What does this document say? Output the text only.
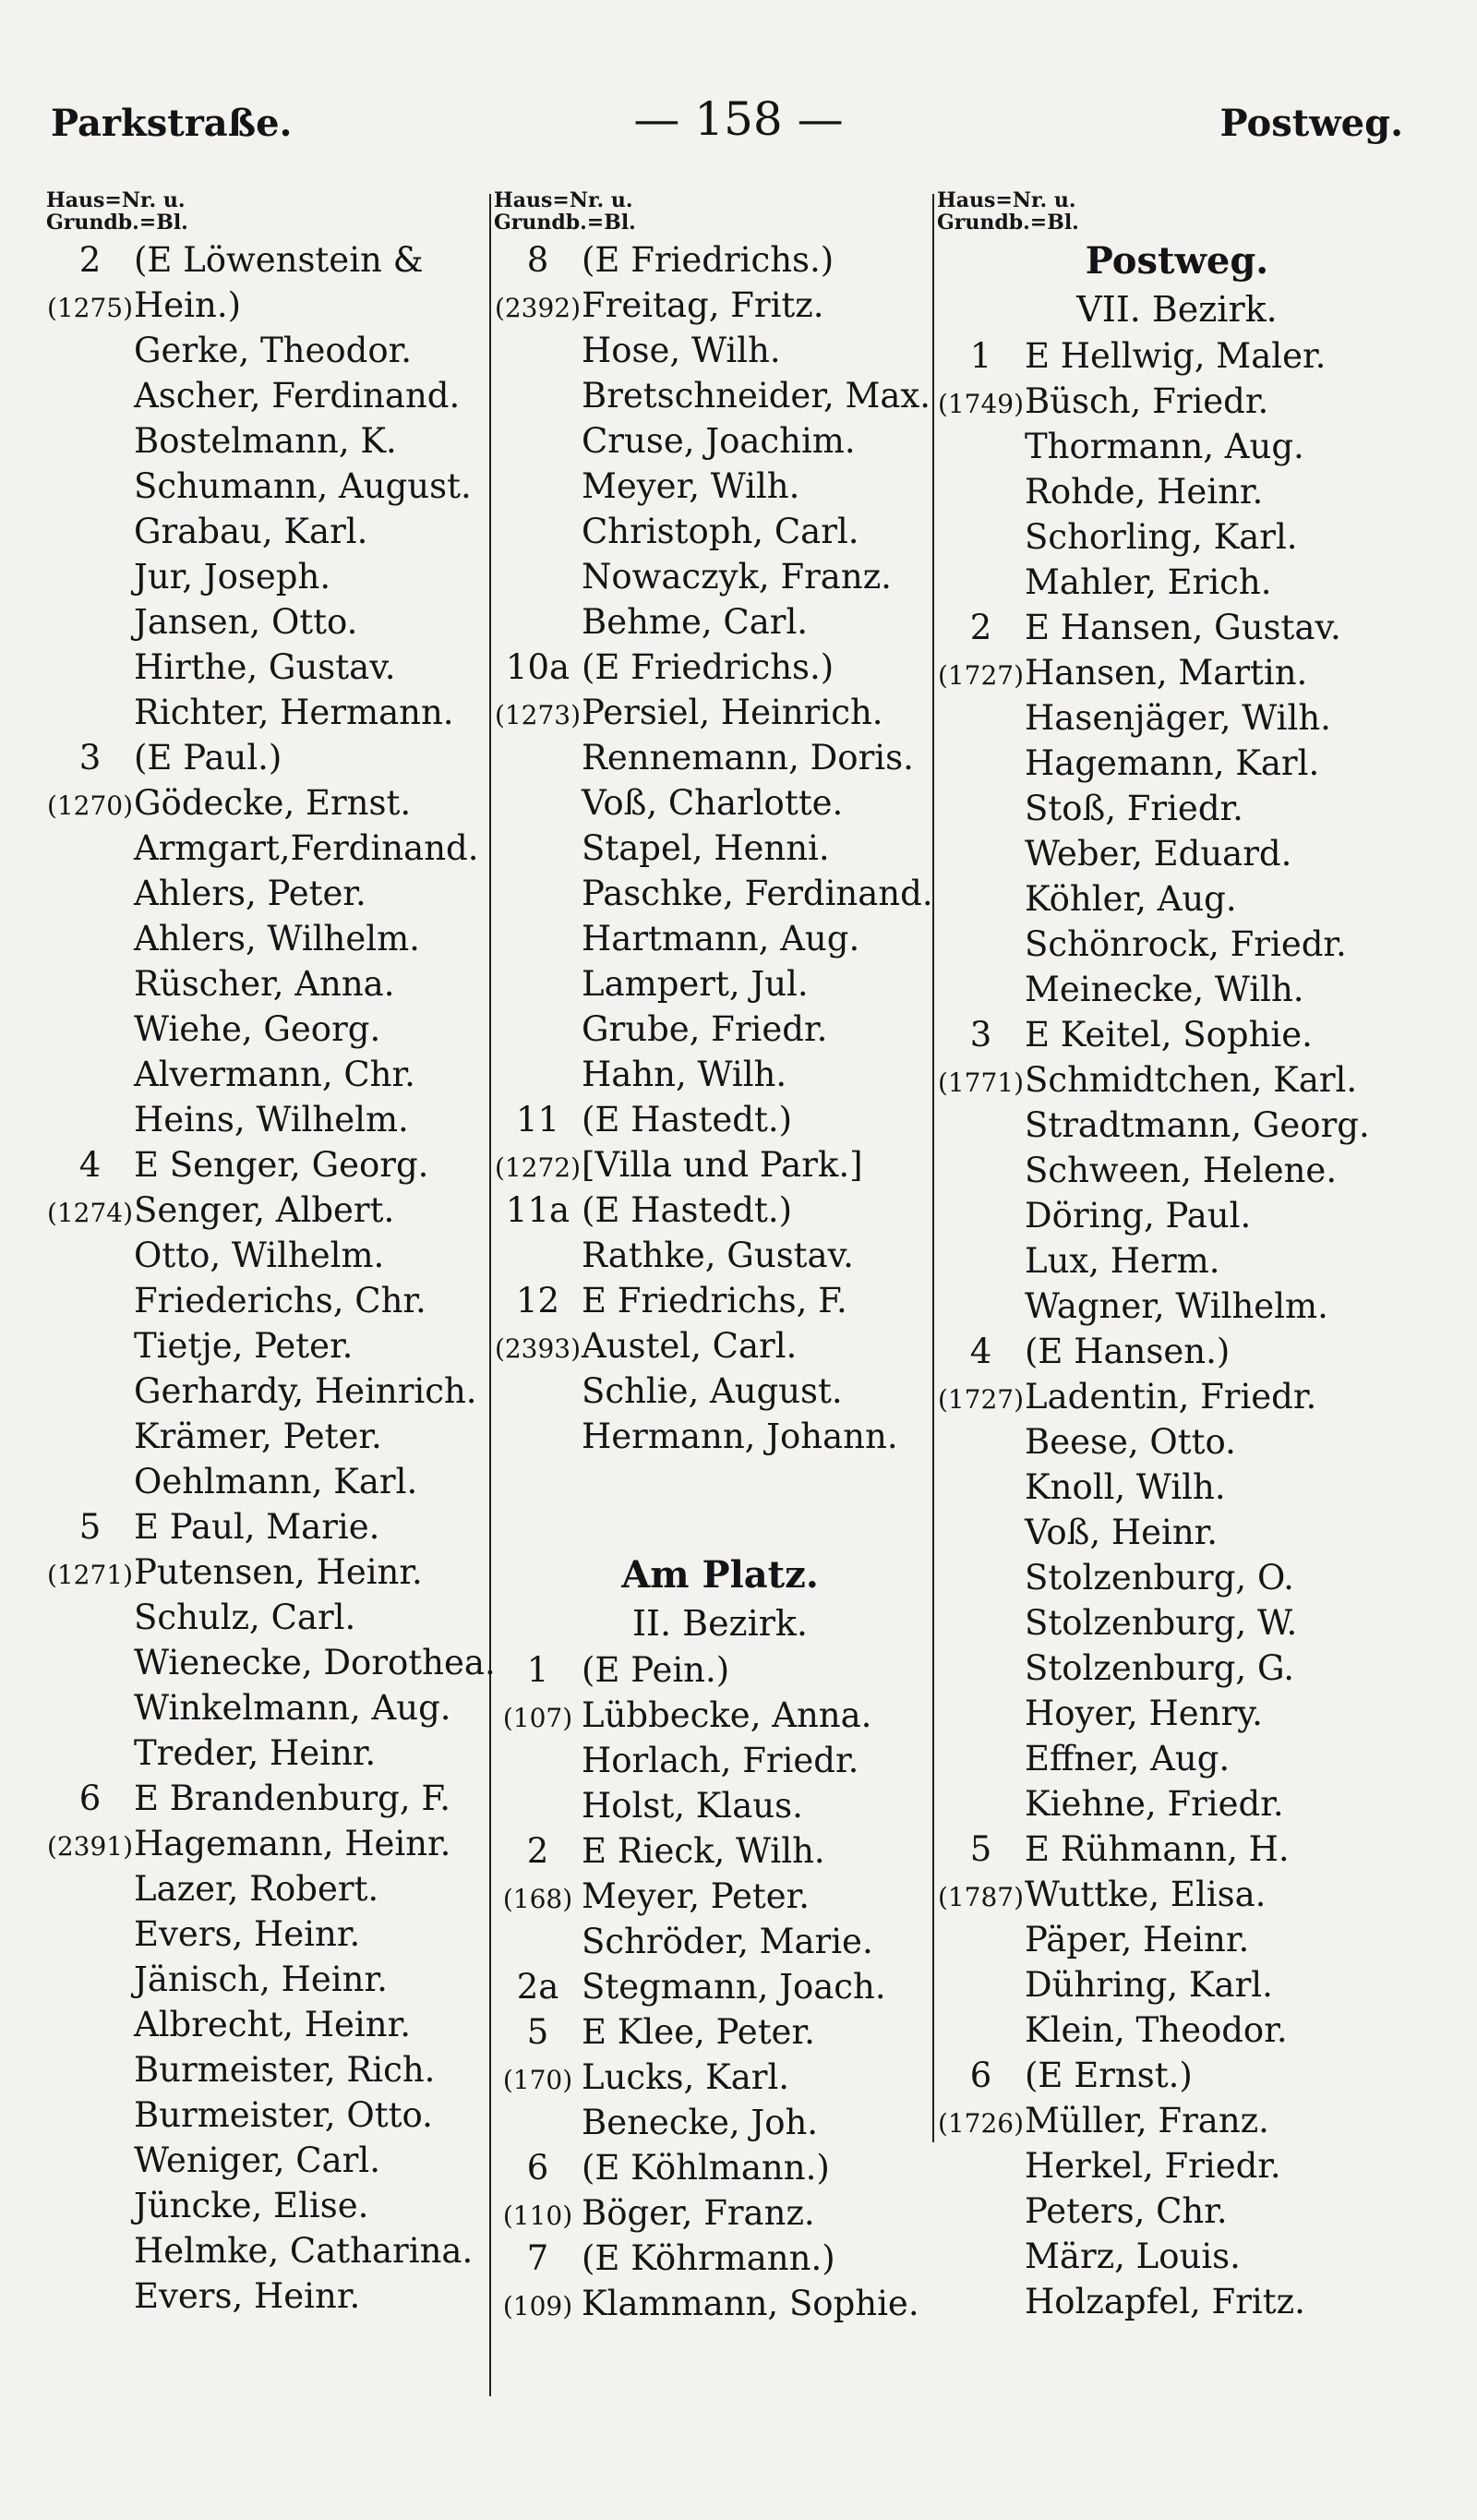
Parkstraße.	— 158 —	Postweg.
Haus=Nr. u.
Grundb.=Bl.
2 (E Löwenstein &
(1275)Hein.)
Gerke, Theodor.
Ascher, Ferdinand.
Bostelmann, K.
Schumann, August.
Grabau, Karl.
Jur, Joseph.
Jansen, Otto.
Hirthe, Gustav.
Richter, Hermann.
3 (E Paul.)
(1270)Gödecke, Ernst.
Armgart,Ferdinand.
Ahlers, Peter.
Ahlers, Wilhelm.
Rüscher, Anna.
Wiehe, Georg.
Alvermann, Chr.
Heins, Wilhelm.
4 E Senger, Georg.
(1274)Senger, Albert.
Otto, Wilhelm.
Friederichs, Chr.
Tietje, Peter.
Gerhardy, Heinrich.
Krämer, Peter.
Oehlmann, Karl.
5 E Paul, Marie.
(1271)Putensen, Heinr.
Schulz, Carl.
Wienecke, Dorothea.
Winkelmann, Aug.
Treder, Heinr.
6 E Brandenburg, F.
(2391)Hagemann, Heinr.
Lazer, Robert.
Evers, Heinr.
Jänisch, Heinr.
Albrecht, Heinr.
Burmeister, Rich.
Burmeister, Otto.
Weniger, Carl.
Jüncke, Elise.
Helmke, Catharina.
Evers, Heinr.
Haus=Nr. u.
Grundb.=Bl.
8 (E Friedrichs.)
(2392)Freitag, Fritz.
Hose, Wilh.
Bretschneider, Max.
Cruse, Joachim.
Meyer, Wilh.
Christoph, Carl.
Nowaczyk, Franz.
Behme, Carl.
10a (E Friedrichs.)
(1273)Persiel, Heinrich.
Rennemann, Doris.
Voß, Charlotte.
Stapel, Henni.
Paschke, Ferdinand.
Hartmann, Aug.
Lampert, Jul.
Grube, Friedr.
Hahn, Wilh.
11 (E Hastedt.)
(1272)[Villa und Park.]
11a (E Hastedt.)
Rathke, Gustav.
12 E Friedrichs, F.
(2393)Austel, Carl.
Schlie, August.
Hermann, Johann.
Am Platz.
II. Bezirk.
1 (E Pein.)
(107) Lübbecke, Anna.
Horlach, Friedr.
Holst, Klaus.
2 E Rieck, Wilh.
(168) Meyer, Peter.
Schröder, Marie.
2a Stegmann, Joach.
5 E Klee, Peter.
(170) Lucks, Karl.
Benecke, Joh.
6 (E Köhlmann.)
(110) Böger, Franz.
7 (E Köhrmann.)
(109) Klammann, Sophie.
Haus=Nr. u.
Grundb.=Bl.
Postweg.
VII. Bezirk.
1 E Hellwig, Maler.
(1749)Büsch, Friedr.
Thormann, Aug.
Rohde, Heinr.
Schorling, Karl.
Mahler, Erich.
2 E Hansen, Gustav.
(1727)Hansen, Martin.
Hasenjäger, Wilh.
Hagemann, Karl.
Stoß, Friedr.
Weber, Eduard.
Köhler, Aug.
Schönrock, Friedr.
Meinecke, Wilh.
3 E Keitel, Sophie.
(1771)Schmidtchen, Karl.
Stradtmann, Georg.
Schween, Helene.
Döring, Paul.
Lux, Herm.
Wagner, Wilhelm.
4 (E Hansen.)
(1727)Ladentin, Friedr.
Beese, Otto.
Knoll, Wilh.
Voß, Heinr.
Stolzenburg, O.
Stolzenburg, W.
Stolzenburg, G.
Hoyer, Henry.
Effner, Aug.
Kiehne, Friedr.
5 E Rühmann, H.
(1787)Wuttke, Elisa.
Päper, Heinr.
Dühring, Karl.
Klein, Theodor.
6 (E Ernst.)
(1726)Müller, Franz.
Herkel, Friedr.
Peters, Chr.
März, Louis.
Holzapfel, Fritz.
